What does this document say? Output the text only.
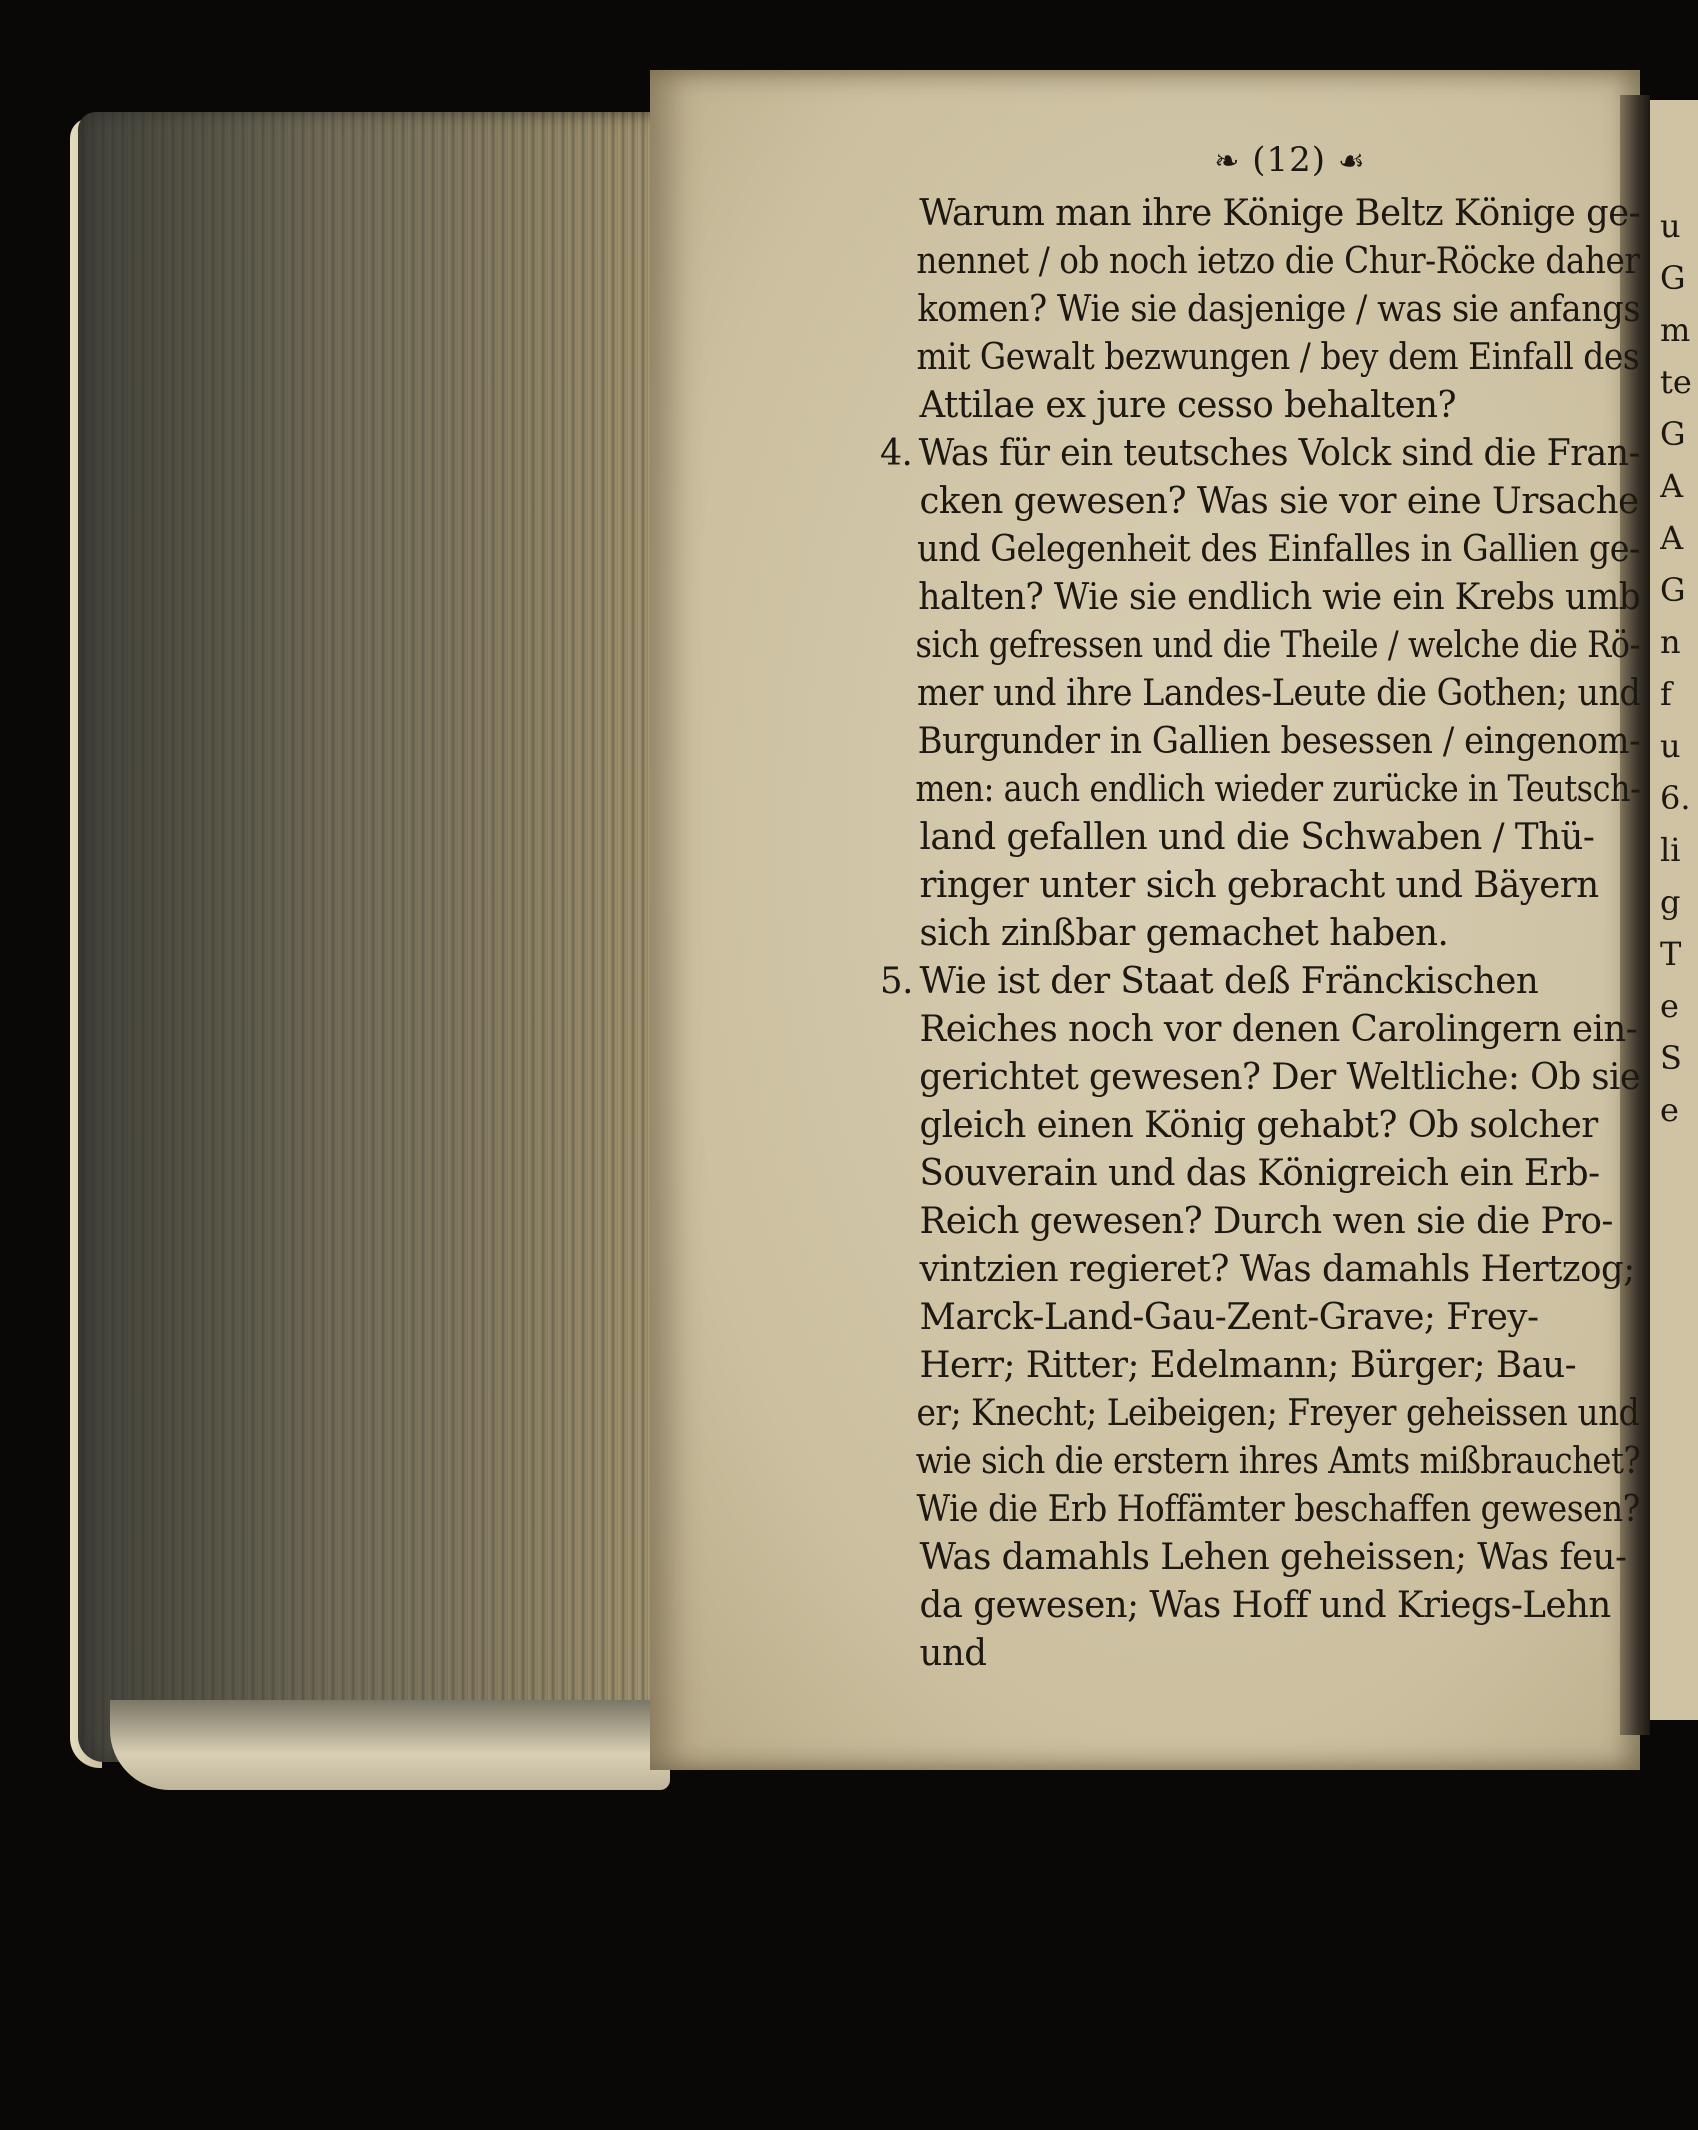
❧ (12) ☙
Warum man ihre Könige Beltz Könige ge-
nennet / ob noch ietzo die Chur-Röcke daher
komen? Wie sie dasjenige / was sie anfangs
mit Gewalt bezwungen / bey dem Einfall des
Attilae ex jure cesso behalten?
4. Was für ein teutsches Volck sind die Fran-
cken gewesen? Was sie vor eine Ursache
und Gelegenheit des Einfalles in Gallien ge-
halten? Wie sie endlich wie ein Krebs umb
sich gefressen und die Theile / welche die Rö-
mer und ihre Landes-Leute die Gothen; und
Burgunder in Gallien besessen / eingenom-
men: auch endlich wieder zurücke in Teutsch-
land gefallen und die Schwaben / Thü-
ringer unter sich gebracht und Bäyern
sich zinßbar gemachet haben.
5. Wie ist der Staat deß Fränckischen
Reiches noch vor denen Carolingern ein-
gerichtet gewesen? Der Weltliche: Ob sie
gleich einen König gehabt? Ob solcher
Souverain und das Königreich ein Erb-
Reich gewesen? Durch wen sie die Pro-
vintzien regieret? Was damahls Hertzog;
Marck-Land-Gau-Zent-Grave; Frey-
Herr; Ritter; Edelmann; Bürger; Bau-
er; Knecht; Leibeigen; Freyer geheissen und
wie sich die erstern ihres Amts mißbrauchet?
Wie die Erb Hoffämter beschaffen gewesen?
Was damahls Lehen geheissen; Was feu-
da gewesen; Was Hoff und Kriegs-Lehn
und
u
G
m
te
G
A
A
G
n
f
u
6.
li
g
T
e
S
e
